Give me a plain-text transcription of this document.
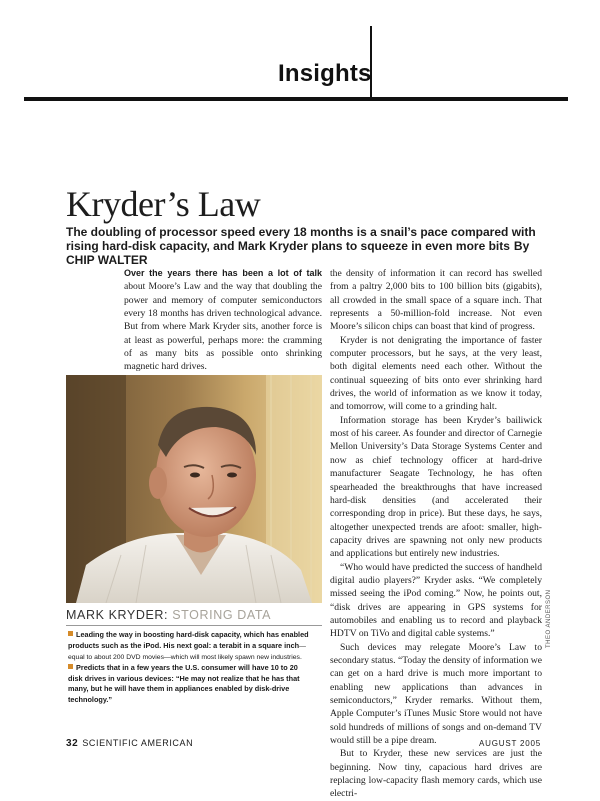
Insights
Kryder’s Law
The doubling of processor speed every 18 months is a snail’s pace compared with rising hard-disk capacity, and Mark Kryder plans to squeeze in even more bits By CHIP WALTER

Over the years there has been a lot of talk about Moore’s Law and the way that doubling the power and memory of computer semiconductors every 18 months has driven technological advance. But from where Mark Kryder sits, another force is at least as powerful, perhaps more: the cramming of as many bits as possible onto shrinking magnetic hard drives.

the density of information it can record has swelled from a paltry 2,000 bits to 100 billion bits (gigabits), all crowded in the small space of a square inch. That represents a 50-million-fold increase. Not even Moore’s silicon chips can boast that kind of progress.

Kryder is not denigrating the importance of faster computer processors, but he says, at the very least, both digital elements need each other. Without the continual squeezing of bits onto ever shrinking hard drives, the world of information as we know it today, and tomorrow, will come to a grinding halt.

Information storage has been Kryder’s bailiwick most of his career. As founder and director of Carnegie Mellon University’s Data Storage Systems Center and now as chief technology officer at hard-drive manufacturer Seagate Technology, he has often spearheaded the breakthroughs that have increased hard-disk densities (and accelerated their corresponding drop in price). But these days, he says, altogether unexpected trends are afoot: smaller, high-capacity drives are spawning not only new products and applications but entirely new industries.

“Who would have predicted the success of handheld digital audio players?” Kryder asks. “We completely missed seeing the iPod coming.” Now, he points out, “disk drives are appearing in GPS systems for automobiles and enabling us to record and playback HDTV on TiVo and digital cable systems.”

Such devices may relegate Moore’s Law to secondary status. “Today the density of information we can get on a hard drive is much more important to enabling new applications than advances in semiconductors,” Kryder remarks. Without them, Apple Computer’s iTunes Music Store would not have sold hundreds of millions of songs and on-demand TV would still be a pipe dream.

But to Kryder, these new services are just the beginning. Now tiny, capacious hard drives are replacing low-capacity flash memory cards, which use electri-

MARK KRYDER: STORING DATA
Leading the way in boosting hard-disk capacity, which has enabled products such as the iPod. His next goal: a terabit in a square inch—equal to about 200 DVD movies—which will most likely spawn new industries.
Predicts that in a few years the U.S. consumer will have 10 to 20 disk drives in various devices: “He may not realize that he has that many, but he will have them in appliances enabled by disk-drive technology.”
THEO ANDERSON
32 SCIENTIFIC AMERICAN	AUGUST 2005
